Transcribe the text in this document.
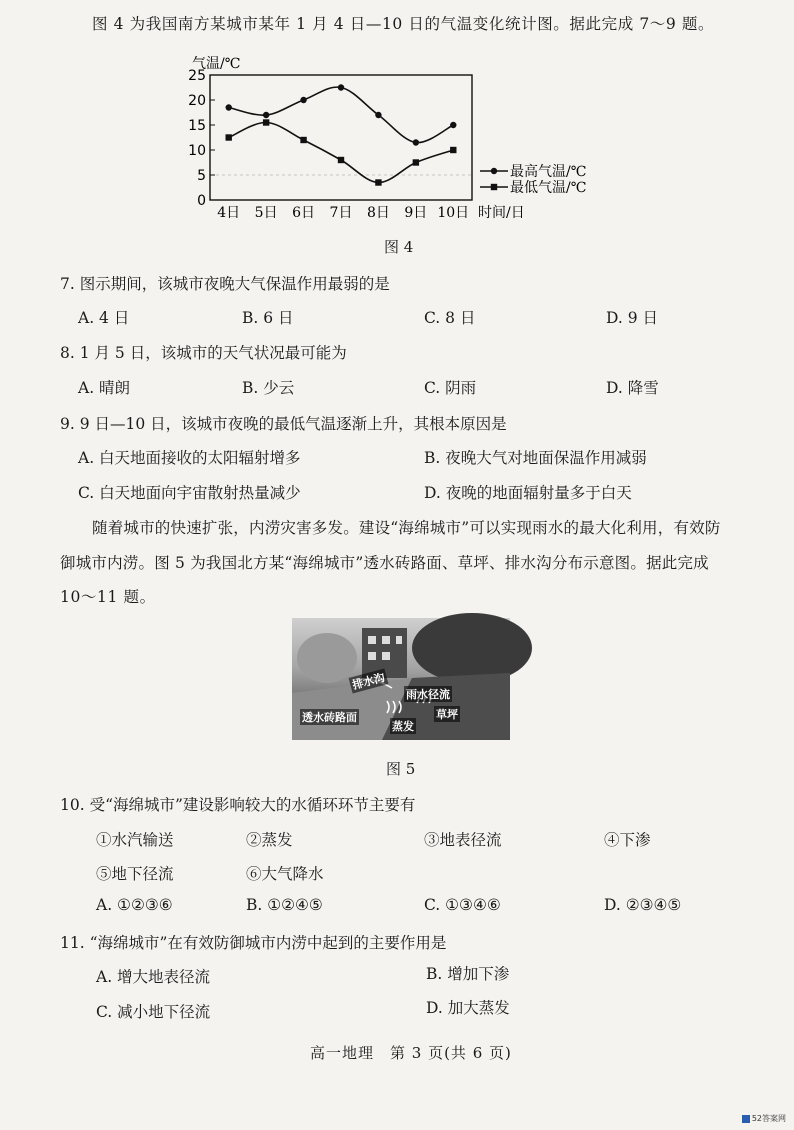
图 4 为我国南方某城市某年 1 月 4 日—10 日的气温变化统计图。据此完成 7～9 题。
0
5
10
15
20
25
气温/℃
4日 5日 6日 7日 8日 9日 10日 时间/日
最高气温/℃
最低气温/℃
图 4
7. 图示期间，该城市夜晚大气保温作用最弱的是
A. 4 日	B. 6 日	C. 8 日	D. 9 日
8. 1 月 5 日，该城市的天气状况最可能为
A. 晴朗	B. 少云	C. 阴雨	D. 降雪
9. 9 日—10 日，该城市夜晚的最低气温逐渐上升，其根本原因是
A. 白天地面接收的太阳辐射增多	B. 夜晚大气对地面保温作用减弱
C. 白天地面向宇宙散射热量减少	D. 夜晚的地面辐射量多于白天
随着城市的快速扩张，内涝灾害多发。建设“海绵城市”可以实现雨水的最大化利用，有效防
御城市内涝。图 5 为我国北方某“海绵城市”透水砖路面、草坪、排水沟分布示意图。据此完成
10～11 题。
排水沟
雨水径流
透水砖路面
蒸发
草坪
图 5
10. 受“海绵城市”建设影响较大的水循环环节主要有
①水汽输送	②蒸发	③地表径流	④下渗
⑤地下径流	⑥大气降水
A. ①②③⑥	B. ①②④⑤	C. ①③④⑥	D. ②③④⑤
11. “海绵城市”在有效防御城市内涝中起到的主要作用是
A. 增大地表径流	B. 增加下渗
C. 减小地下径流	D. 加大蒸发
高一地理　第 3 页(共 6 页)
52答案网
